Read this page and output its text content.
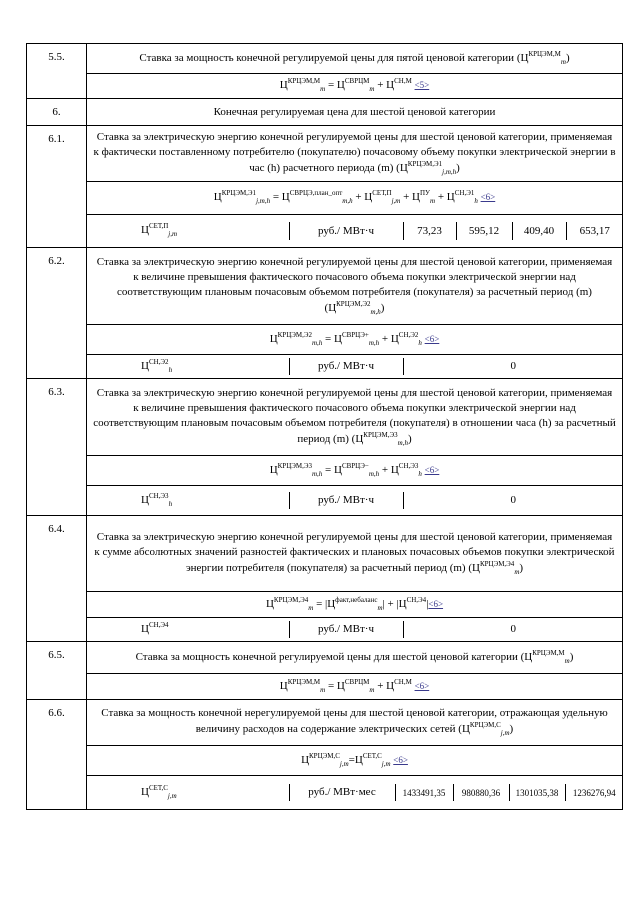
5.5.	Ставка за мощность конечной регулируемой цены для пятой ценовой категории $(Ц^{КРЦЭМ,М}_m)$
$Ц^{КРЦЭМ,М}_m = Ц^{СВРЦМ}_m + Ц^{СН,М} <5>$
6.	Конечная регулируемая цена для шестой ценовой категории
6.1.	Ставка за электрическую энергию конечной регулируемой цены для шестой ценовой категории, применяемая к фактически поставленному потребителю (покупателю) почасовому объему покупки электрической энергии в час (h) расчетного периода (m) $(Ц^{КРЦЭМ,Э1}_{j,m,h})$
$Ц^{КРЦЭМ,Э1}_{j,m,h} = Ц^{СВРЦЭ,план\_опт}_{m,h} + Ц^{СЕТ,П}_{j,m} + Ц^{ПУ}_m + Ц^{СН,Э1}_h <6>$

$Ц^{СЕТ,П}_{j,m}$	руб./ МВт·ч	73,23	595,12	409,40	653,17

6.2.	Ставка за электрическую энергию конечной регулируемой цены для шестой ценовой категории, применяемая к величине превышения фактического почасового объема покупки электрической энергии над соответствующим плановым почасовым объемом потребителя (покупателя) за расчетный период (m) $(Ц^{КРЦЭМ,Э2}_{m,h})$
$Ц^{КРЦЭМ,Э2}_{m,h} = Ц^{СВРЦЭ+}_{m,h} + Ц^{СН,Э2}_h <6>$

$Ц^{СН,Э2}_h$	руб./ МВт·ч	0

6.3.	Ставка за электрическую энергию конечной регулируемой цены для шестой ценовой категории, применяемая к величине превышения фактического почасового объема покупки электрической энергии над соответствующим плановым почасовым объемом потребителя (покупателя) в отношении часа (h) за расчетный период (m) $(Ц^{КРЦЭМ,Э3}_{m,h})$
$Ц^{КРЦЭМ,Э3}_{m,h} = Ц^{СВРЦЭ-}_{m,h} + Ц^{СН,Э3}_h <6>$

$Ц^{СН,Э3}_h$	руб./ МВт·ч	0

6.4.	Ставка за электрическую энергию конечной регулируемой цены для шестой ценовой категории, применяемая к сумме абсолютных значений разностей фактических и плановых почасовых объемов покупки электрической энергии потребителя (покупателя) за расчетный период (m) $(Ц^{КРЦЭМ,Э4}_m)$
$Ц^{КРЦЭМ,Э4}_m = |Ц^{факт,небаланс}_m| + |Ц^{СН,Э4}|<6>$

$Ц^{СН,Э4}$	руб./ МВт·ч	0

6.5.	Ставка за мощность конечной регулируемой цены для шестой ценовой категории $(Ц^{КРЦЭМ,М}_m)$
$Ц^{КРЦЭМ,М}_m = Ц^{СВРЦМ}_m + Ц^{СН,М} <6>$
6.6.	Ставка за мощность конечной нерегулируемой цены для шестой ценовой категории, отражающая удельную величину расходов на содержание электрических сетей $(Ц^{КРЦЭМ,С}_{j,m})$
$Ц^{КРЦЭМ,С}_{j,m}=Ц^{СЕТ,С}_{j,m} <6>$

$Ц^{СЕТ,С}_{j,m}$	руб./ МВт·мес	1433491,35	980880,36	1301035,38	1236276,94
